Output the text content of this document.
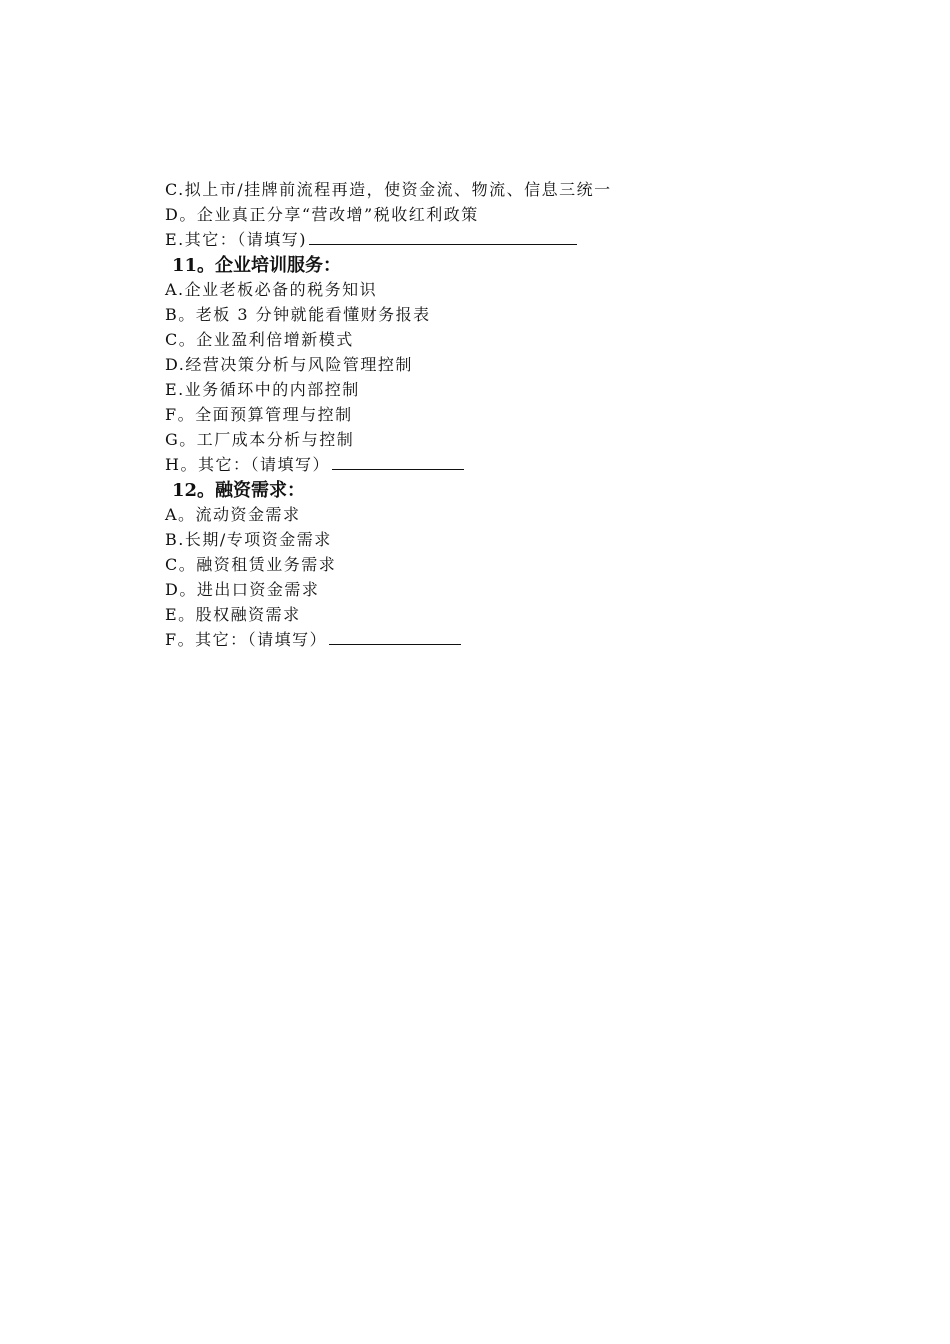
C.拟上市/挂牌前流程再造，使资金流、物流、信息三统一
D。企业真正分享“营改增”税收红利政策
E.其它：（请填写)
11。企业培训服务：
A.企业老板必备的税务知识
B。老板 3 分钟就能看懂财务报表
C。企业盈利倍增新模式
D.经营决策分析与风险管理控制
E.业务循环中的内部控制
F。全面预算管理与控制
G。工厂成本分析与控制
H。其它：（请填写）
12。融资需求：
A。流动资金需求
B.长期/专项资金需求
C。融资租赁业务需求
D。进出口资金需求
E。股权融资需求
F。其它：（请填写）
